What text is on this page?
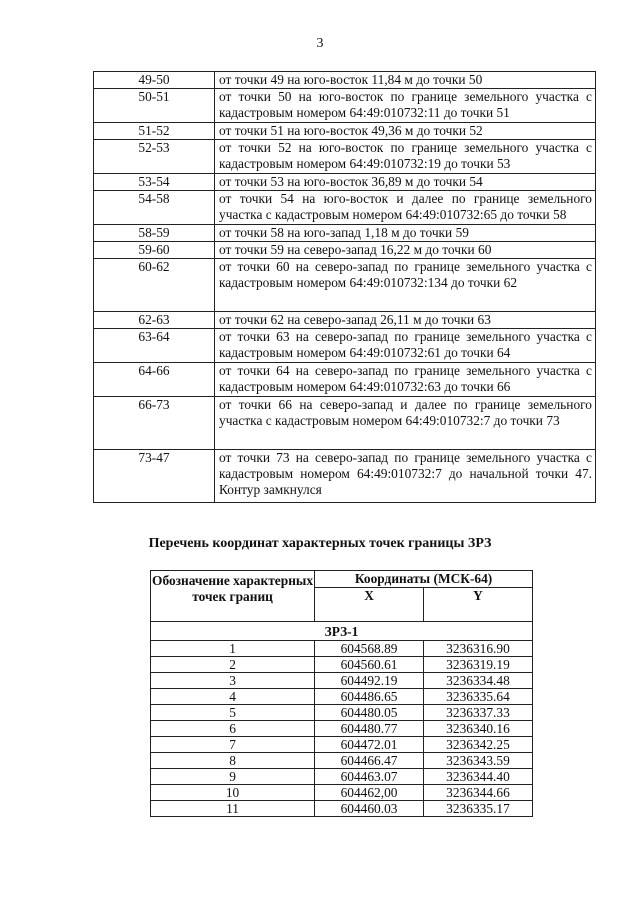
3
49-50	от точки 49 на юго-восток 11,84 м до точки 50
50-51	от точки 50 на юго-восток по границе земельного участка с кадастровым номером 64:49:010732:11 до точки 51
51-52	от точки 51 на юго-восток 49,36 м до точки 52
52-53	от точки 52 на юго-восток по границе земельного участка с кадастровым номером 64:49:010732:19 до точки 53
53-54	от точки 53 на юго-восток 36,89 м до точки 54
54-58	от точки 54 на юго-восток и далее по границе земельного участка с кадастровым номером 64:49:010732:65 до точки 58
58-59	от точки 58 на юго-запад 1,18 м до точки 59
59-60	от точки 59 на северо-запад 16,22 м до точки 60
60-62	от точки 60 на северо-запад по границе земельного участка с кадастровым номером 64:49:010732:134 до точки 62
62-63	от точки 62 на северо-запад 26,11 м до точки 63
63-64	от точки 63 на северо-запад по границе земельного участка с кадастровым номером 64:49:010732:61 до точки 64
64-66	от точки 64 на северо-запад по границе земельного участка с кадастровым номером 64:49:010732:63 до точки 66
66-73	от точки 66 на северо-запад и далее по границе земельного участка с кадастровым номером 64:49:010732:7 до точки 73
73-47	от точки 73 на северо-запад по границе земельного участка с кадастровым номером 64:49:010732:7 до начальной точки 47. Контур замкнулся
Перечень координат характерных точек границы ЗРЗ
Обозначение характерных точек границ	Координаты (МСК-64)	
	X	Y
ЗРЗ-1		
1	604568.89	3236316.90
2	604560.61	3236319.19
3	604492.19	3236334.48
4	604486.65	3236335.64
5	604480.05	3236337.33
6	604480.77	3236340.16
7	604472.01	3236342.25
8	604466.47	3236343.59
9	604463.07	3236344.40
10	604462,00	3236344.66
11	604460.03	3236335.17
